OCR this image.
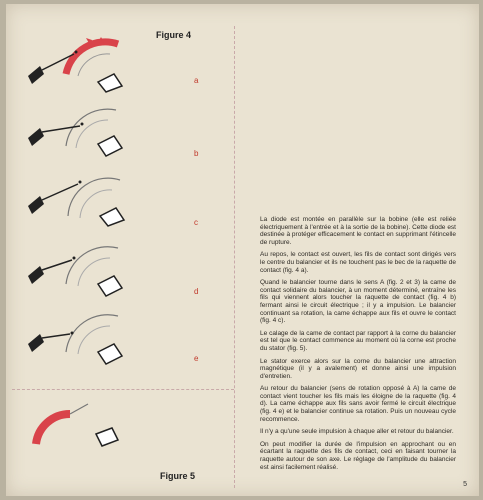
Figure 4
A
a
b
c
d
e
Figure 5

La diode est montée en parallèle sur la bobine (elle est reliée électriquement à l'entrée et à la sortie de la bobine). Cette diode est destinée à protéger efficacement le contact en supprimant l'étincelle de rupture.

Au repos, le contact est ouvert, les fils de contact sont dirigés vers le centre du balancier et ils ne touchent pas le bec de la raquette de contact (fig. 4 a).

Quand le balancier tourne dans le sens A (fig. 2 et 3) la came de contact solidaire du balancier, à un moment déterminé, entraîne les fils qui viennent alors toucher la raquette de contact (fig. 4 b) fermant ainsi le circuit électrique ; il y a impulsion. Le balancier continuant sa rotation, la came échappe aux fils et ouvre le contact (fig. 4 c).

Le calage de la came de contact par rapport à la corne du balancier est tel que le contact commence au moment où la corne est proche du stator (fig. 5).

Le stator exerce alors sur la corne du balancier une attraction magnétique (il y a avalement) et donne ainsi une impulsion d'entretien.

Au retour du balancier (sens de rotation opposé à A) la came de contact vient toucher les fils mais les éloigne de la raquette (fig. 4 d). La came échappe aux fils sans avoir fermé le circuit électrique (fig. 4 e) et le balancier continue sa rotation. Puis un nouveau cycle recommence.

Il n'y a qu'une seule impulsion à chaque aller et retour du balancier.

On peut modifier la durée de l'impulsion en approchant ou en écartant la raquette des fils de contact, ceci en faisant tourner la raquette autour de son axe. Le réglage de l'amplitude du balancier est ainsi facilement réalisé.

5
